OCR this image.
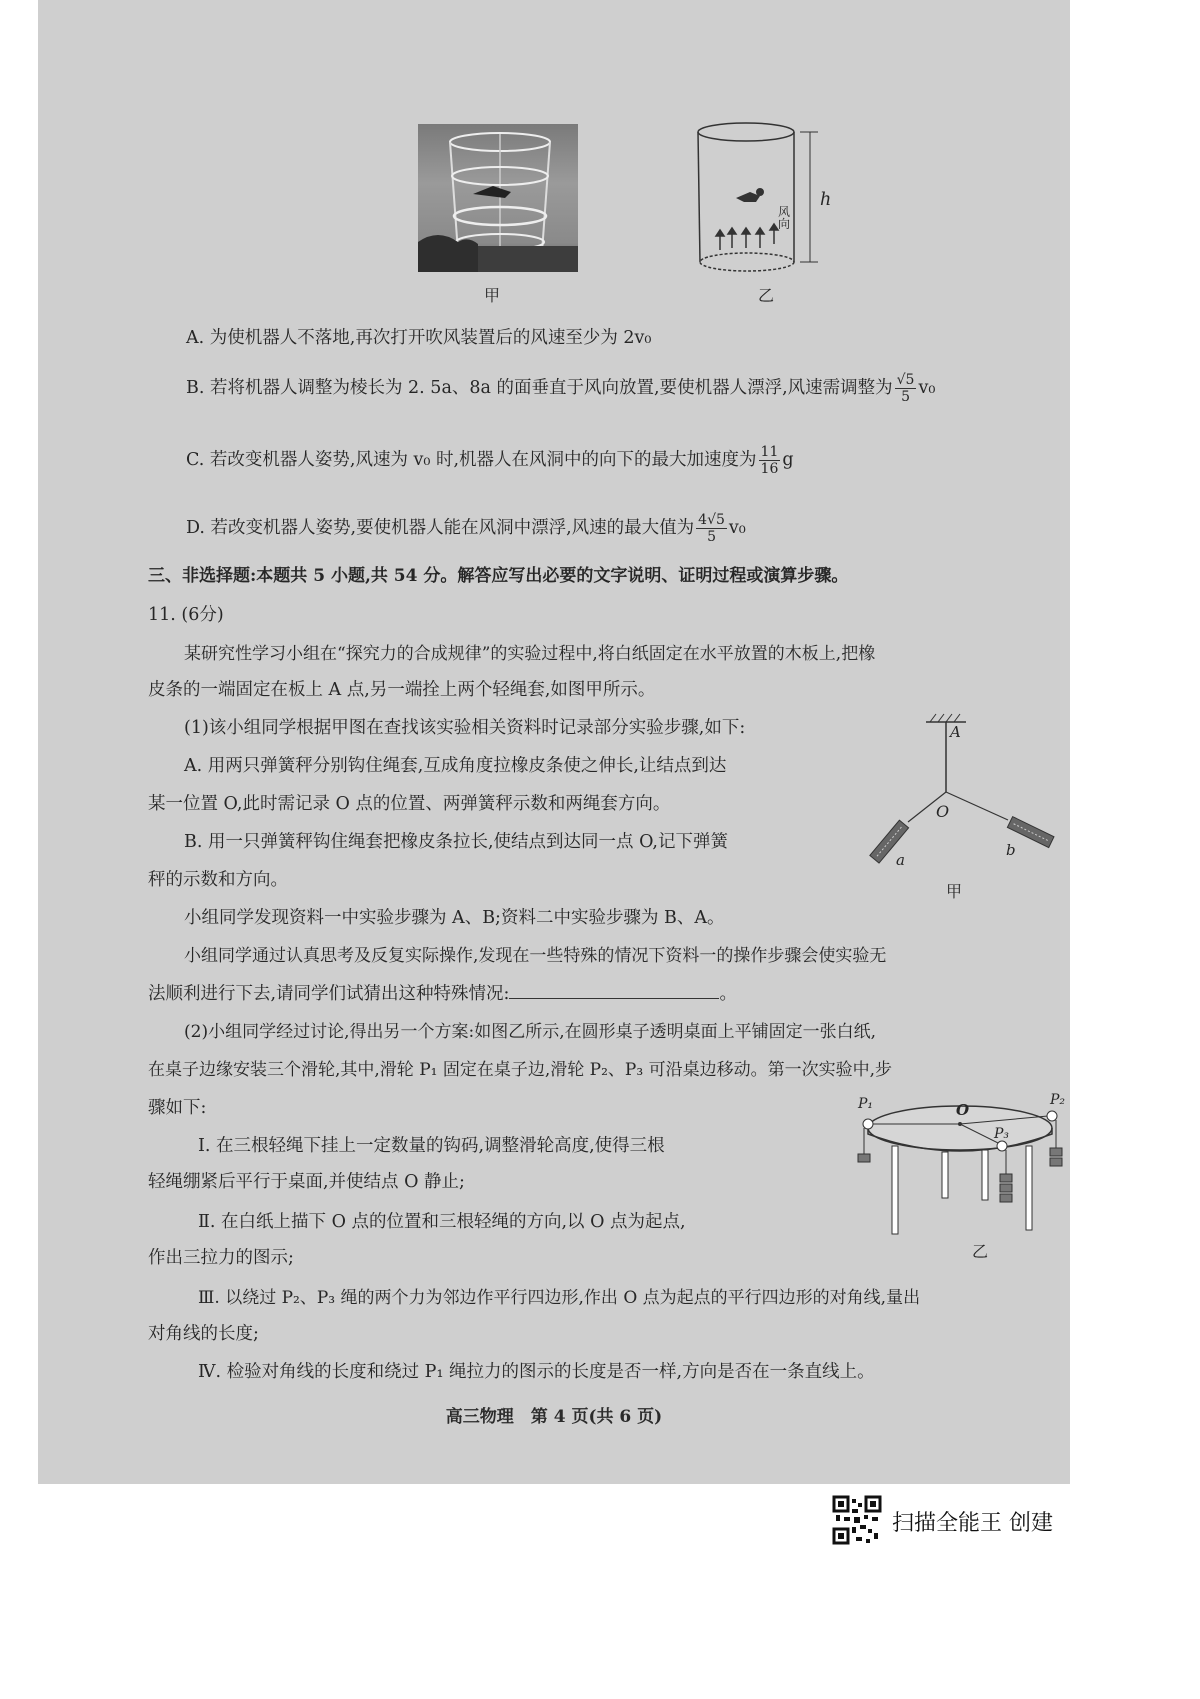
甲
h
风向
乙
A. 为使机器人不落地,再次打开吹风装置后的风速至少为 2v₀
B. 若将机器人调整为棱长为 2. 5a、8a 的面垂直于风向放置,要使机器人漂浮,风速需调整为 $\frac{√5}{5} v_0$
C. 若改变机器人姿势,风速为 v₀ 时,机器人在风洞中的向下的最大加速度为 $\frac{11}{16}$ g
D. 若改变机器人姿势,要使机器人能在风洞中漂浮,风速的最大值为 $\frac{4√5}{5} v_0$
三、非选择题:本题共 5 小题,共 54 分。解答应写出必要的文字说明、证明过程或演算步骤。
11. (6分)
某研究性学习小组在“探究力的合成规律”的实验过程中,将白纸固定在水平放置的木板上,把橡
皮条的一端固定在板上 A 点,另一端拴上两个轻绳套,如图甲所示。
(1)该小组同学根据甲图在查找该实验相关资料时记录部分实验步骤,如下:
A. 用两只弹簧秤分别钩住绳套,互成角度拉橡皮条使之伸长,让结点到达
某一位置 O,此时需记录 O 点的位置、两弹簧秤示数和两绳套方向。
B. 用一只弹簧秤钩住绳套把橡皮条拉长,使结点到达同一点 O,记下弹簧
秤的示数和方向。
小组同学发现资料一中实验步骤为 A、B;资料二中实验步骤为 B、A。
小组同学通过认真思考及反复实际操作,发现在一些特殊的情况下资料一的操作步骤会使实验无
法顺利进行下去,请同学们试猜出这种特殊情况:	。
A
O
a
b
甲
(2)小组同学经过讨论,得出另一个方案:如图乙所示,在圆形桌子透明桌面上平铺固定一张白纸,
在桌子边缘安装三个滑轮,其中,滑轮 P₁ 固定在桌子边,滑轮 P₂、P₃ 可沿桌边移动。第一次实验中,步
骤如下:
Ⅰ. 在三根轻绳下挂上一定数量的钩码,调整滑轮高度,使得三根
轻绳绷紧后平行于桌面,并使结点 O 静止;
Ⅱ. 在白纸上描下 O 点的位置和三根轻绳的方向,以 O 点为起点,
作出三拉力的图示;
P₁	P₂
P₃
O
乙
Ⅲ. 以绕过 P₂、P₃ 绳的两个力为邻边作平行四边形,作出 O 点为起点的平行四边形的对角线,量出
对角线的长度;
Ⅳ. 检验对角线的长度和绕过 P₁ 绳拉力的图示的长度是否一样,方向是否在一条直线上。
高三物理　第 4 页(共 6 页)
扫描全能王 创建
